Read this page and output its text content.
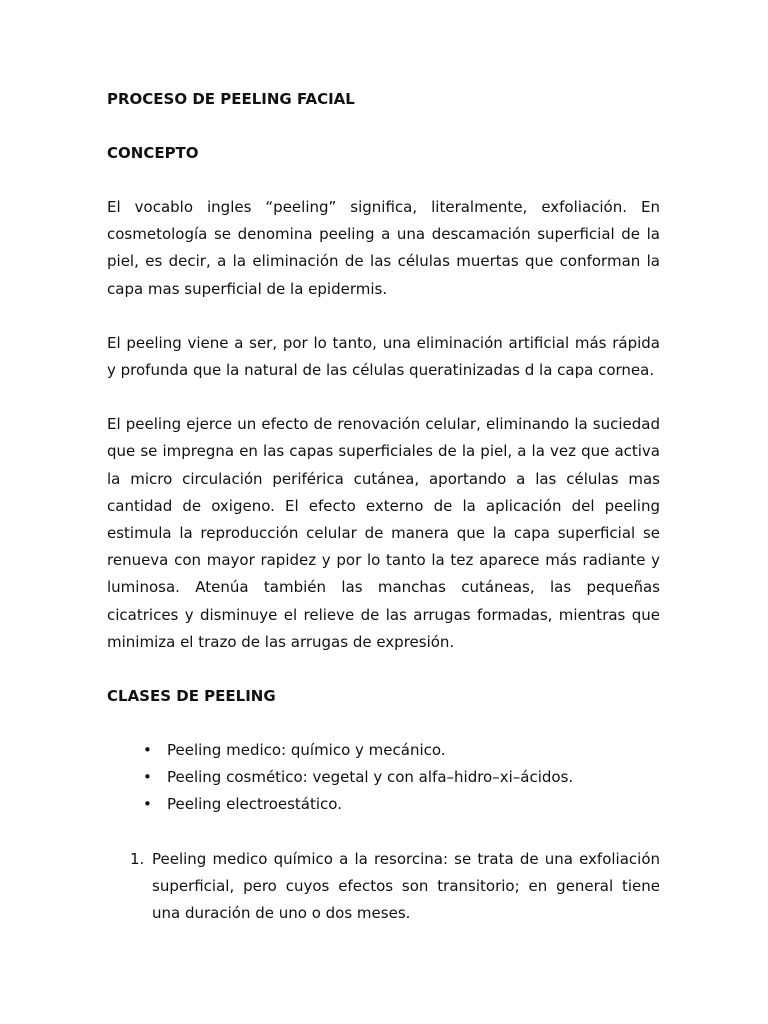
PROCESO DE PEELING FACIAL

CONCEPTO

El vocablo ingles “peeling” significa, literalmente, exfoliación. En cosmetología se denomina peeling a una descamación superficial de la piel, es decir, a la eliminación de las células muertas que conforman la capa mas superficial de la epidermis.

El peeling viene a ser, por lo tanto, una eliminación artificial más rápida y profunda que la natural de las células queratinizadas d la capa cornea.

El peeling ejerce un efecto de renovación celular, eliminando la suciedad que se impregna en las capas superficiales de la piel, a la vez que activa la micro circulación periférica cutánea, aportando a las células mas cantidad de oxigeno. El efecto externo de la aplicación del peeling estimula la reproducción celular de manera que la capa superficial se renueva con mayor rapidez y por lo tanto la tez aparece más radiante y luminosa. Atenúa también las manchas cutáneas, las pequeñas cicatrices y disminuye el relieve de las arrugas formadas, mientras que minimiza el trazo de las arrugas de expresión.

CLASES DE PEELING

• Peeling medico: químico y mecánico.
• Peeling cosmético: vegetal y con alfa–hidro–xi–ácidos.
• Peeling electroestático.
1. Peeling medico químico a la resorcina: se trata de una exfoliación superficial, pero cuyos efectos son transitorio; en general tiene una duración de uno o dos meses.
